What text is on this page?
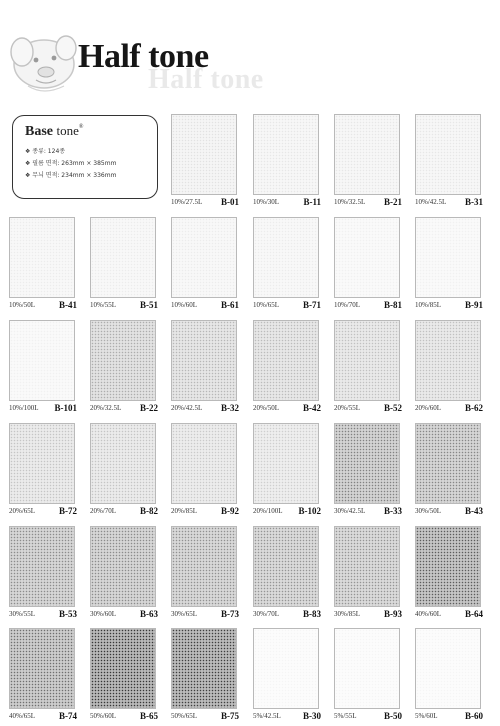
Half tone
Half tone
Base tone®
❖ 종류: 124종
❖ 필름 면적: 263mm × 385mm
❖ 무늬 면적: 234mm × 336mm
10%/27.5L B-01 10%/30L	B-11 10%/32.5L B-21 10%/42.5L B-31
10%/50L	B-41 10%/55L	B-51 10%/60L	B-61 10%/65L	B-71 10%/70L	B-81 10%/85L	B-91
10%/100L B-101 20%/32.5L B-22 20%/42.5L B-32 20%/50L	B-42 20%/55L	B-52 20%/60L	B-62
20%/65L	B-72 20%/70L	B-82 20%/85L	B-92 20%/100L B-102 30%/42.5L B-33 30%/50L	B-43
30%/55L	B-53 30%/60L	B-63 30%/65L	B-73 30%/70L	B-83 30%/85L	B-93 40%/60L	B-64
40%/65L	B-74 50%/60L	B-65 50%/65L	B-75 5%/42.5L B-30 5%/55L	B-50 5%/60L	B-60
